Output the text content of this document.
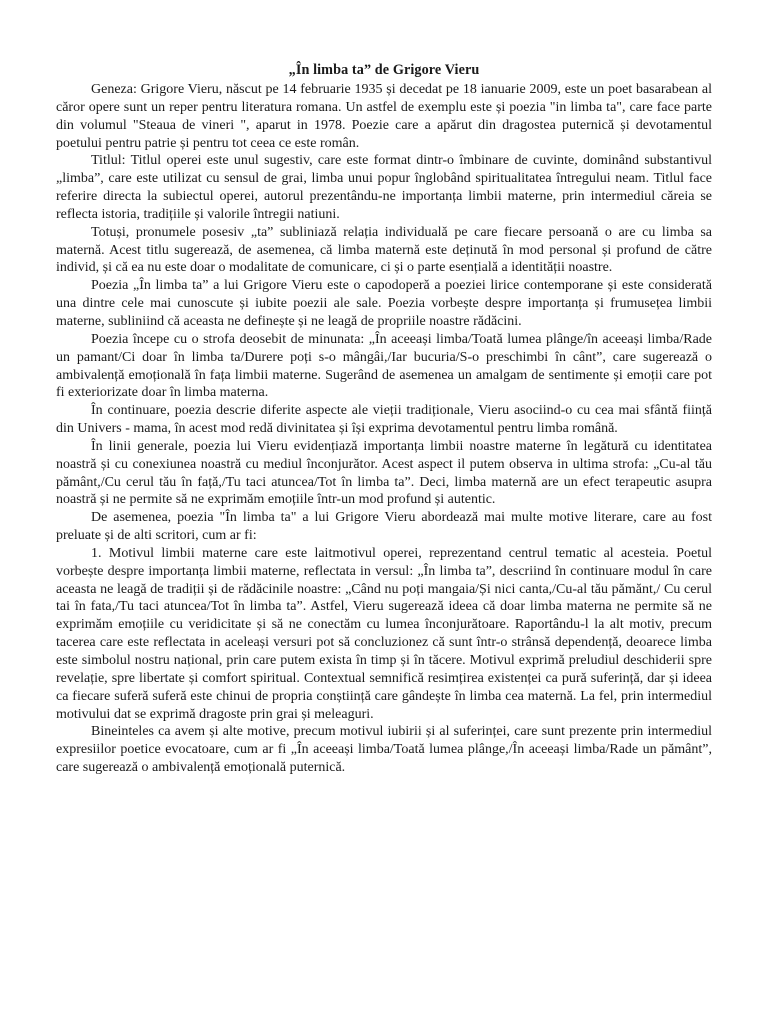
„În limba ta” de Grigore Vieru

Geneza: Grigore Vieru, născut pe 14 februarie 1935 și decedat pe 18 ianuarie 2009, este un poet basarabean al căror opere sunt un reper pentru literatura romana. Un astfel de exemplu este și poezia "in limba ta", care face parte din volumul "Steaua de vineri ", aparut in 1978. Poezie care a apărut din dragostea puternică și devotamentul poetului pentru patrie și pentru tot ceea ce este român.

Titlul: Titlul operei este unul sugestiv, care este format dintr-o îmbinare de cuvinte, dominând substantivul „limba”, care este utilizat cu sensul de grai, limba unui popur înglobând spiritualitatea întregului neam. Titlul face referire directa la subiectul operei, autorul prezentându-ne importanța limbii materne, prin intermediul căreia se reflecta istoria, tradițiile și valorile întregii natiuni.

Totuși, pronumele posesiv „ta” subliniază relația individuală pe care fiecare persoană o are cu limba sa maternă. Acest titlu sugerează, de asemenea, că limba maternă este deținută în mod personal și profund de către individ, și că ea nu este doar o modalitate de comunicare, ci și o parte esențială a identității noastre.

Poezia „În limba ta” a lui Grigore Vieru este o capodoperă a poeziei lirice contemporane și este considerată una dintre cele mai cunoscute și iubite poezii ale sale. Poezia vorbește despre importanța și frumusețea limbii materne, subliniind că aceasta ne definește și ne leagă de propriile noastre rădăcini.

Poezia începe cu o strofa deosebit de minunata: „În aceeași limba/Toată lumea plânge/în aceeași limba/Rade un pamant/Ci doar în limba ta/Durere poți s-o mângâi,/Iar bucuria/S-o preschimbi în cânt”, care sugerează o ambivalență emoțională în fața limbii materne. Sugerând de asemenea un amalgam de sentimente și emoții care pot fi exteriorizate doar în limba materna.

În continuare, poezia descrie diferite aspecte ale vieții tradiționale, Vieru asociind-o cu cea mai sfântă ființă din Univers - mama, în acest mod redă divinitatea și își exprima devotamentul pentru limba română.

În linii generale, poezia lui Vieru evidențiază importanța limbii noastre materne în legătură cu identitatea noastră și cu conexiunea noastră cu mediul înconjurător. Acest aspect il putem observa in ultima strofa: „Cu-al tău pământ,/Cu cerul tău în față,/Tu taci atuncea/Tot în limba ta”. Deci, limba maternă are un efect terapeutic asupra noastră și ne permite să ne exprimăm emoțiile într-un mod profund și autentic.

De asemenea, poezia "În limba ta" a lui Grigore Vieru abordează mai multe motive literare, care au fost preluate și de alti scritori, cum ar fi:

1. Motivul limbii materne care este laitmotivul operei, reprezentand centrul tematic al acesteia. Poetul vorbește despre importanța limbii materne, reflectata in versul: „În limba ta”, descriind în continuare modul în care aceasta ne leagă de tradiții și de rădăcinile noastre: „Când nu poți mangaia/Și nici canta,/Cu-al tău pămănt,/ Cu cerul tai în fata,/Tu taci atuncea/Tot în limba ta”. Astfel, Vieru sugerează ideea că doar limba materna ne permite să ne exprimăm emoțiile cu veridicitate și să ne conectăm cu lumea înconjurătoare. Raportându-l la alt motiv, precum tacerea care este reflectata in aceleași versuri pot să concluzionez că sunt într-o strânsă dependență, deoarece limba este simbolul nostru național, prin care putem exista în timp și în tăcere. Motivul exprimă preludiul deschiderii spre revelație, spre libertate și comfort spiritual. Contextual semnifică resimțirea existenței ca pură suferință, dar și ideea ca fiecare suferă suferă este chinui de propria conștiință care gândește în limba cea maternă. La fel, prin intermediul motivului dat se exprimă dragoste prin grai și meleaguri.

Bineinteles ca avem și alte motive, precum motivul iubirii și al suferinței, care sunt prezente prin intermediul expresiilor poetice evocatoare, cum ar fi „În aceeași limba/Toată lumea plânge,/În aceeași limba/Rade un pământ”, care sugerează o ambivalență emoțională puternică.
